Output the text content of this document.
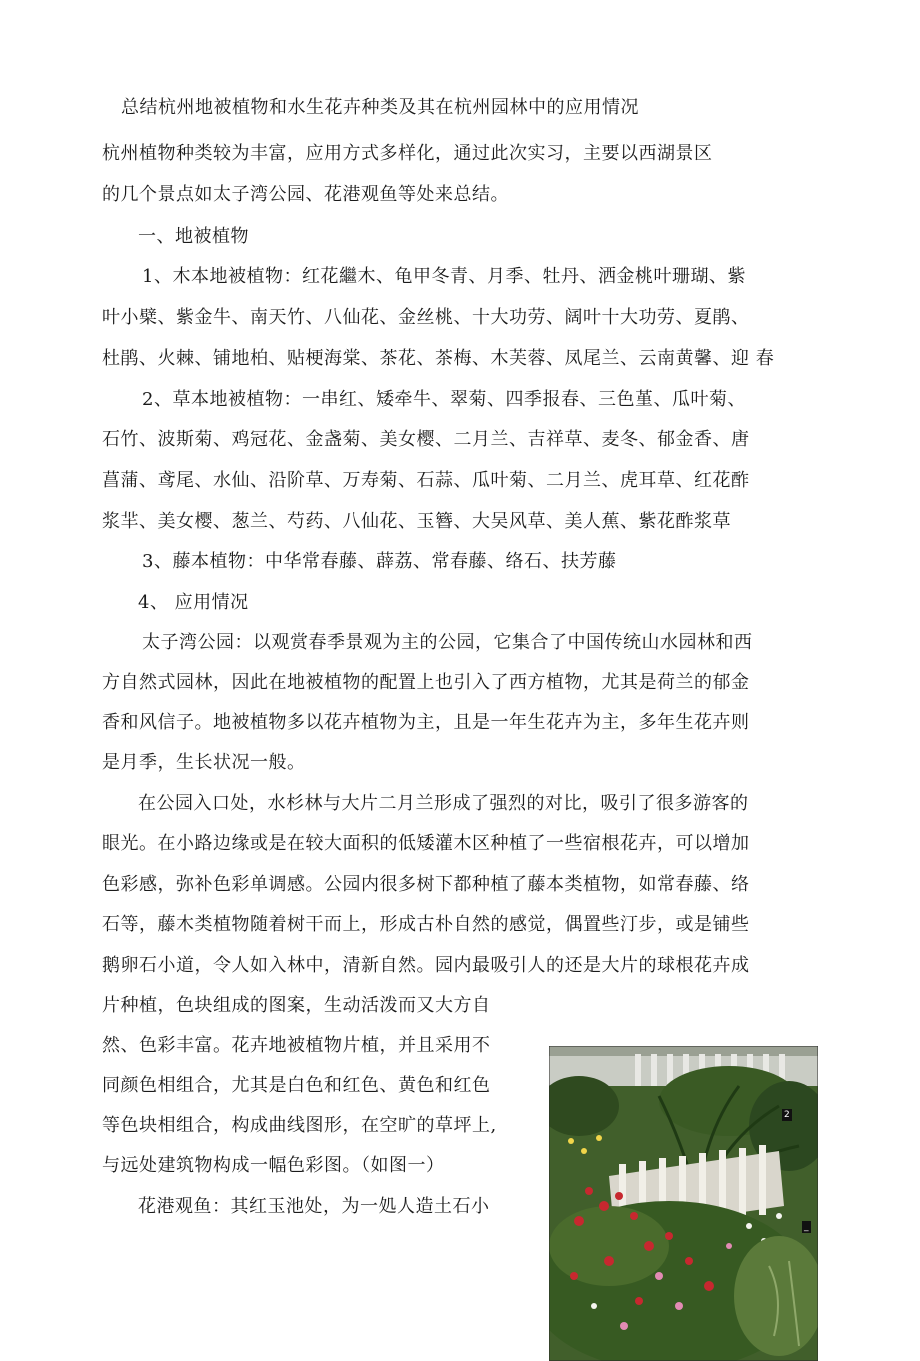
总结杭州地被植物和水生花卉种类及其在杭州园林中的应用情况
杭州植物种类较为丰富，应用方式多样化，通过此次实习，主要以西湖景区
的几个景点如太子湾公园、花港观鱼等处来总结。
一、地被植物
1、木本地被植物：红花繼木、龟甲冬青、月季、牡丹、洒金桃叶珊瑚、紫
叶小檗、紫金牛、南天竹、八仙花、金丝桃、十大功劳、阔叶十大功劳、夏鹃、
杜鹃、火棘、铺地柏、贴梗海棠、茶花、茶梅、木芙蓉、凤尾兰、云南黄馨、迎 春
2、草本地被植物：一串红、矮牵牛、翠菊、四季报春、三色堇、瓜叶菊、
石竹、波斯菊、鸡冠花、金盏菊、美女樱、二月兰、吉祥草、麦冬、郁金香、唐
菖蒲、鸢尾、水仙、沿阶草、万寿菊、石蒜、瓜叶菊、二月兰、虎耳草、红花酢
浆羋、美女樱、葱兰、芍药、八仙花、玉簪、大吴风草、美人蕉、紫花酢浆草
3、藤本植物：中华常春藤、薜荔、常春藤、络石、扶芳藤
4、 应用情况
太子湾公园：以观赏春季景观为主的公园，它集合了中国传统山水园林和西
方自然式园林，因此在地被植物的配置上也引入了西方植物，尤其是荷兰的郁金
香和风信子。地被植物多以花卉植物为主，且是一年生花卉为主，多年生花卉则
是月季，生长状况一般。
在公园入口处，水杉林与大片二月兰形成了强烈的对比，吸引了很多游客的
眼光。在小路边缘或是在较大面积的低矮灌木区种植了一些宿根花卉，可以增加
色彩感，弥补色彩单调感。公园内很多树下都种植了藤本类植物，如常春藤、络
石等，藤木类植物随着树干而上，形成古朴自然的感觉，偶置些汀步，或是铺些
鹅卵石小道，令人如入林中，清新自然。园内最吸引人的还是大片的球根花卉成
片种植，色块组成的图案，生动活泼而又大方自
然、色彩丰富。花卉地被植物片植，并且采用不
同颜色相组合，尤其是白色和红色、黄色和红色
等色块相组合，构成曲线图形，在空旷的草坪上,
与远处建筑物构成一幅色彩图。（如图一）
花港观鱼：其红玉池处，为一処人造土石小
2
_
